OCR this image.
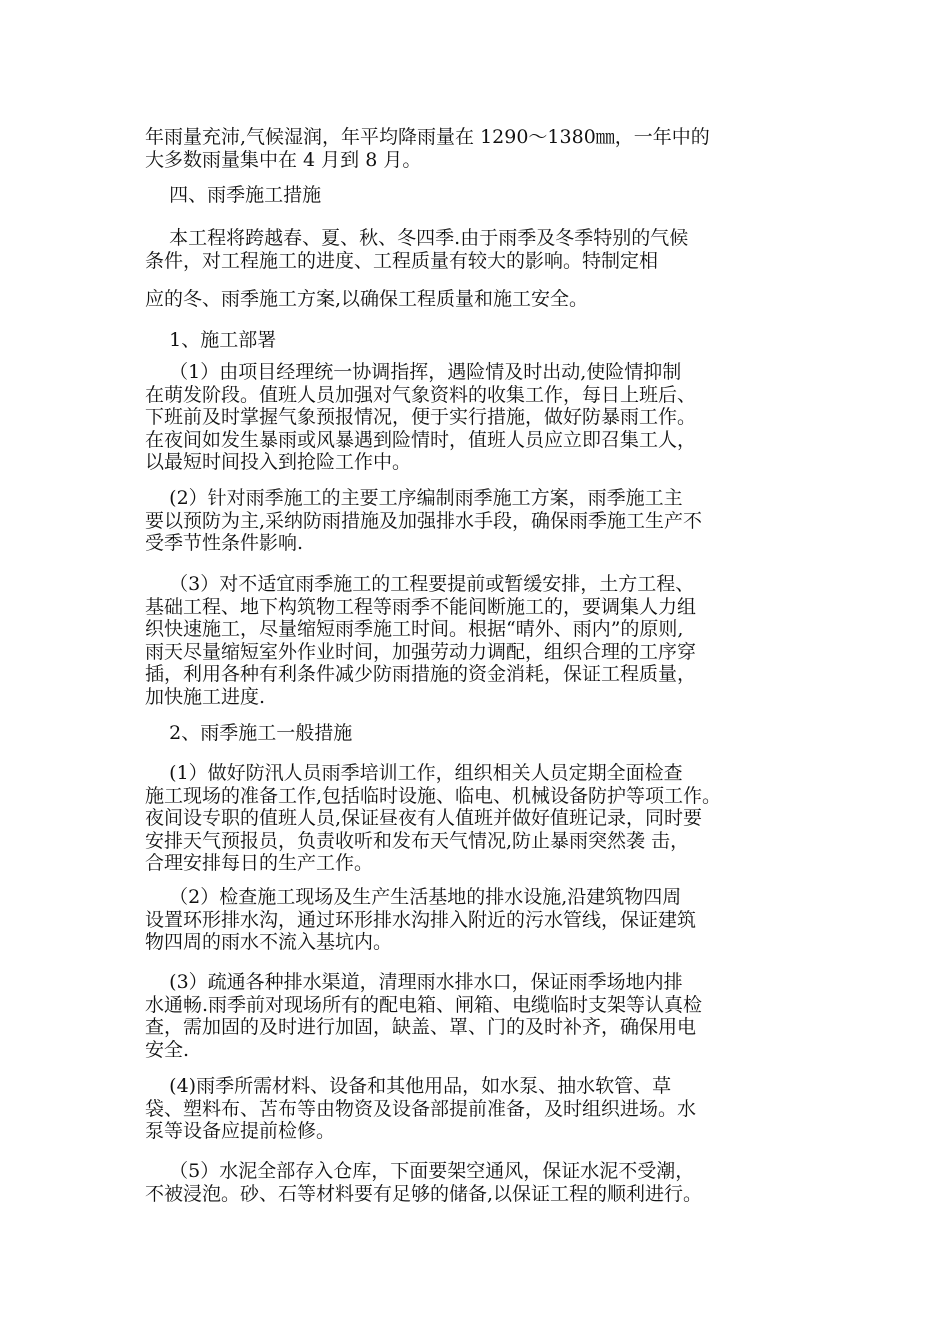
年雨量充沛,气候湿润，年平均降雨量在 1290～1380㎜，一年中的
大多数雨量集中在 4 月到 8 月。
四、雨季施工措施
本工程将跨越春、夏、秋、冬四季.由于雨季及冬季特别的气候
条件，对工程施工的进度、工程质量有较大的影响。特制定相
应的冬、雨季施工方案,以确保工程质量和施工安全。
1、施工部署
（1）由项目经理统一协调指挥，遇险情及时出动,使险情抑制
在萌发阶段。值班人员加强对气象资料的收集工作，每日上班后、
下班前及时掌握气象预报情况，便于实行措施，做好防暴雨工作。
在夜间如发生暴雨或风暴遇到险情时，值班人员应立即召集工人，
以最短时间投入到抢险工作中。
(2）针对雨季施工的主要工序编制雨季施工方案，雨季施工主
要以预防为主,采纳防雨措施及加强排水手段，确保雨季施工生产不
受季节性条件影响.
（3）对不适宜雨季施工的工程要提前或暂缓安排，土方工程、
基础工程、地下构筑物工程等雨季不能间断施工的，要调集人力组
织快速施工，尽量缩短雨季施工时间。根据“晴外、雨内”的原则,
雨天尽量缩短室外作业时间，加强劳动力调配，组织合理的工序穿
插，利用各种有利条件减少防雨措施的资金消耗，保证工程质量，
加快施工进度.
2、雨季施工一般措施
(1）做好防汛人员雨季培训工作，组织相关人员定期全面检查
施工现场的准备工作,包括临时设施、临电、机械设备防护等项工作。
夜间设专职的值班人员,保证昼夜有人值班并做好值班记录，同时要
安排天气预报员，负责收听和发布天气情况,防止暴雨突然袭 击，
合理安排每日的生产工作。
（2）检查施工现场及生产生活基地的排水设施,沿建筑物四周
设置环形排水沟，通过环形排水沟排入附近的污水管线，保证建筑
物四周的雨水不流入基坑内。
(3）疏通各种排水渠道，清理雨水排水口，保证雨季场地内排
水通畅.雨季前对现场所有的配电箱、闸箱、电缆临时支架等认真检
查，需加固的及时进行加固，缺盖、罩、门的及时补齐，确保用电
安全.
(4)雨季所需材料、设备和其他用品，如水泵、抽水软管、草
袋、塑料布、苫布等由物资及设备部提前准备，及时组织进场。水
泵等设备应提前检修。
（5）水泥全部存入仓库，下面要架空通风，保证水泥不受潮，
不被浸泡。砂、石等材料要有足够的储备,以保证工程的顺利进行。
